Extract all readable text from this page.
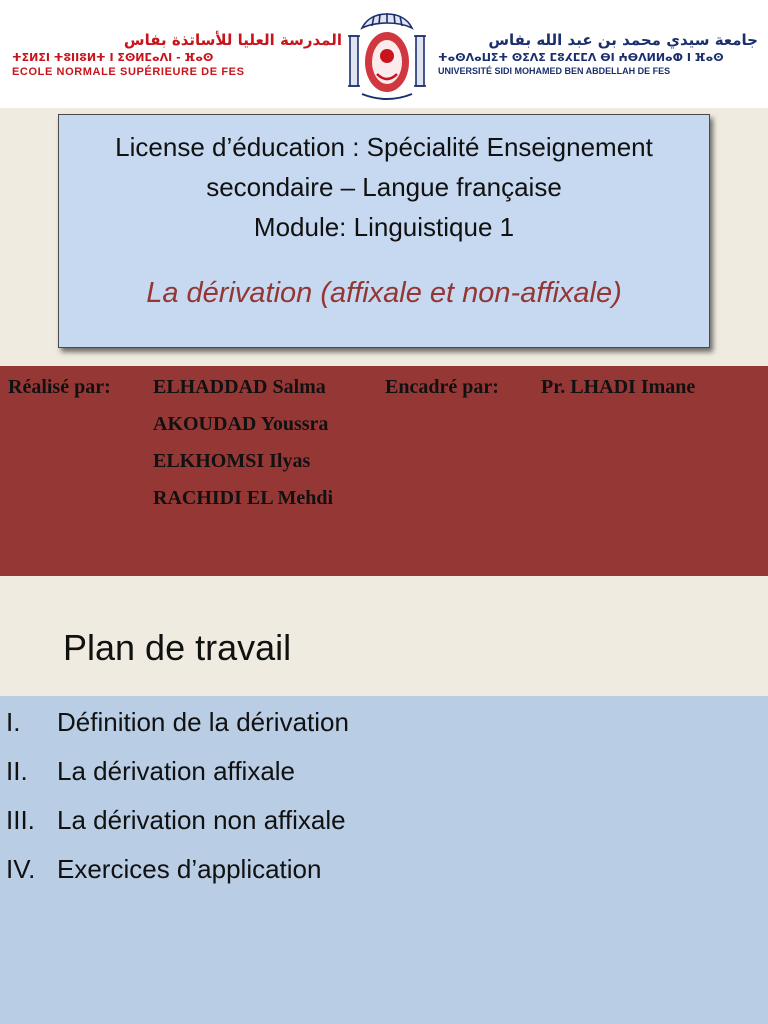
المدرسة العليا للأساتذة بفاس
ⵜⵉⵍⵉⵏ ⵜⵓⵏⵏⵓⵍⵜ ⵏ ⵉⵙⵍⵎⴰⴷⵏ - ⴼⴰⵙ
ECOLE NORMALE SUPÉRIEURE DE FES
جامعة سيدي محمد بن عبد الله بفاس
ⵜⴰⵙⴷⴰⵡⵉⵜ ⵙⵉⴷⵉ ⵎⵓⵃⵎⵎⴷ ⴱⵏ ⵄⴱⴷⵍⵍⴰⵀ ⵏ ⴼⴰⵙ
UNIVERSITÉ SIDI MOHAMED BEN ABDELLAH DE FES
License d’éducation : Spécialité Enseignement
secondaire – Langue française
Module: Linguistique 1
La dérivation (affixale et non-affixale)
Réalisé par: ELHADDAD Salma
AKOUDAD Youssra
ELKHOMSI Ilyas
RACHIDI EL Mehdi
Encadré par: Pr. LHADI Imane
Plan de travail
I. Définition de la dérivation
II. La dérivation affixale
III. La dérivation non affixale
IV. Exercices d’application
